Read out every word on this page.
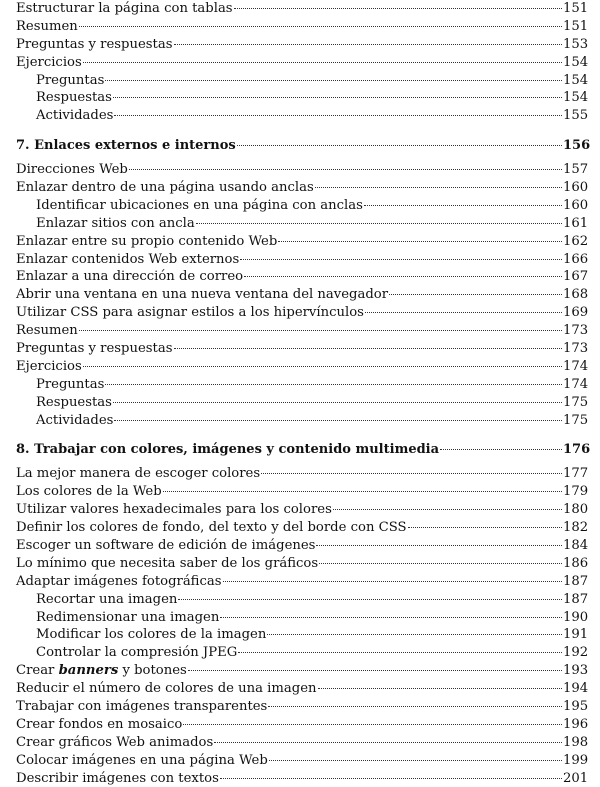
Estructurar la página con tablas	151
Resumen	151
Preguntas y respuestas	153
Ejercicios	154
Preguntas	154
Respuestas	154
Actividades	155
7. Enlaces externos e internos	156
Direcciones Web	157
Enlazar dentro de una página usando anclas	160
Identificar ubicaciones en una página con anclas	160
Enlazar sitios con ancla	161
Enlazar entre su propio contenido Web	162
Enlazar contenidos Web externos	166
Enlazar a una dirección de correo	167
Abrir una ventana en una nueva ventana del navegador	168
Utilizar CSS para asignar estilos a los hipervínculos	169
Resumen	173
Preguntas y respuestas	173
Ejercicios	174
Preguntas	174
Respuestas	175
Actividades	175
8. Trabajar con colores, imágenes y contenido multimedia	176
La mejor manera de escoger colores	177
Los colores de la Web	179
Utilizar valores hexadecimales para los colores	180
Definir los colores de fondo, del texto y del borde con CSS	182
Escoger un software de edición de imágenes	184
Lo mínimo que necesita saber de los gráficos	186
Adaptar imágenes fotográficas	187
Recortar una imagen	187
Redimensionar una imagen	190
Modificar los colores de la imagen	191
Controlar la compresión JPEG	192
Crear banners y botones	193
Reducir el número de colores de una imagen	194
Trabajar con imágenes transparentes	195
Crear fondos en mosaico	196
Crear gráficos Web animados	198
Colocar imágenes en una página Web	199
Describir imágenes con textos	201
